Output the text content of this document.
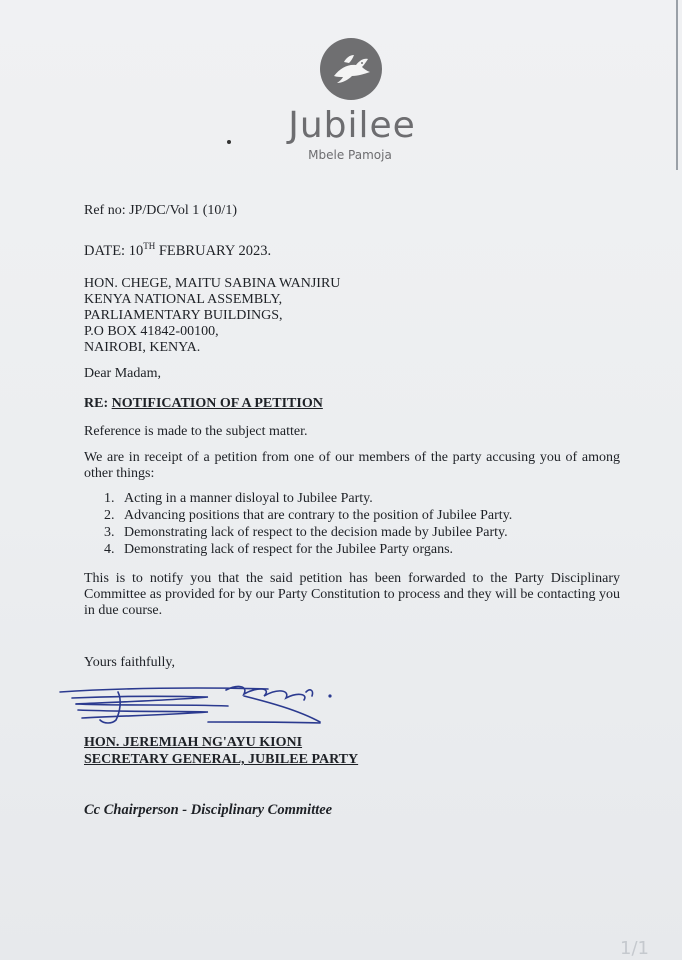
Jubilee
Mbele Pamoja
Ref no: JP/DC/Vol 1 (10/1)
DATE: 10TH FEBRUARY 2023.
HON. CHEGE, MAITU SABINA WANJIRU
KENYA NATIONAL ASSEMBLY,
PARLIAMENTARY BUILDINGS,
P.O BOX 41842-00100,
NAIROBI, KENYA.
Dear Madam,
RE: NOTIFICATION OF A PETITION
Reference is made to the subject matter.
We are in receipt of a petition from one of our members of the party accusing you of among other things:
1. Acting in a manner disloyal to Jubilee Party.
2. Advancing positions that are contrary to the position of Jubilee Party.
3. Demonstrating lack of respect to the decision made by Jubilee Party.
4. Demonstrating lack of respect for the Jubilee Party organs.
This is to notify you that the said petition has been forwarded to the Party Disciplinary Committee as provided for by our Party Constitution to process and they will be contacting you in due course.
Yours faithfully,
HON. JEREMIAH NG'AYU KIONI
SECRETARY GENERAL, JUBILEE PARTY
Cc Chairperson - Disciplinary Committee
1/1
